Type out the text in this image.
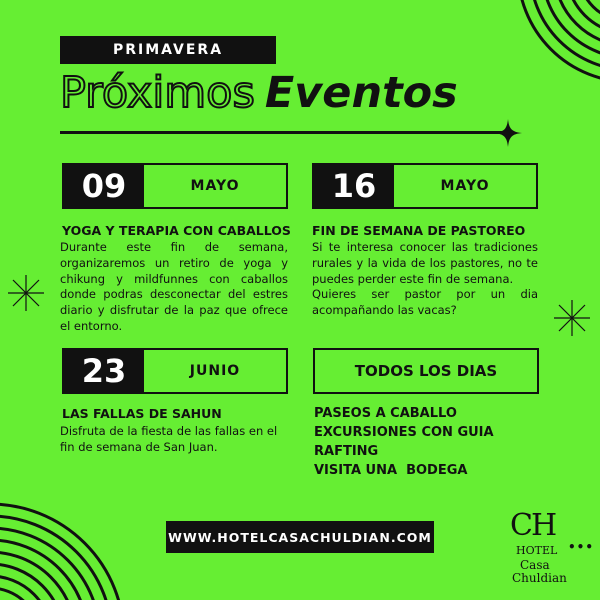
PRIMAVERA
Próximos Eventos
09	MAYO
YOGA Y TERAPIA CON CABALLOS
Durante este fin de semana, organizaremos un retiro de yoga y chikung y mildfunnes con caballos donde podras desconectar del estres diario y disfrutar de la paz que ofrece el entorno.
16	MAYO
FIN DE SEMANA DE PASTOREO
Si te interesa conocer las tradiciones rurales y la vida de los pastores, no te puedes perder este fin de semana.
Quieres ser pastor por un dia acompañando las vacas?
23	JUNIO
LAS FALLAS DE SAHUN
Disfruta de la fiesta de las fallas en el fin de semana de San Juan.
TODOS LOS DIAS
PASEOS A CABALLO
EXCURSIONES CON GUIA
RAFTING
VISITA UNA  BODEGA
WWW.HOTELCASACHULDIAN.COM	CH
•••
HOTEL
Casa
Chuldian
